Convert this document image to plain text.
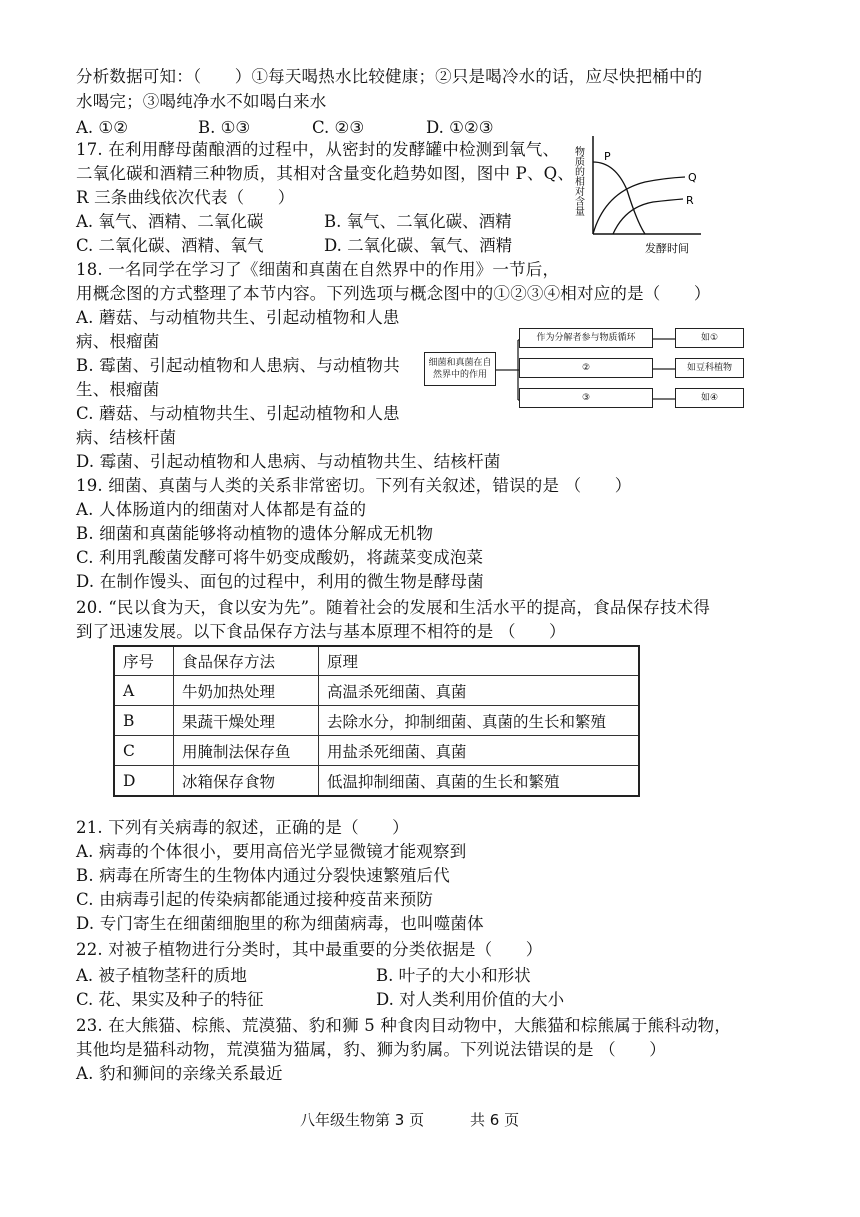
分析数据可知：（　　）①每天喝热水比较健康；②只是喝冷水的话，应尽快把桶中的
水喝完；③喝纯净水不如喝白来水
A. ①②	B. ①③	C. ②③	D. ①②③
17. 在利用酵母菌酿酒的过程中，从密封的发酵罐中检测到氧气、
二氧化碳和酒精三种物质，其相对含量变化趋势如图，图中 P、Q、
R 三条曲线依次代表（　　）
A. 氧气、酒精、二氧化碳	B. 氧气、二氧化碳、酒精
C. 二氧化碳、酒精、氧气	D. 二氧化碳、氧气、酒精
物质的相对含量 P
Q
R
发酵时间
18. 一名同学在学习了《细菌和真菌在自然界中的作用》一节后，
用概念图的方式整理了本节内容。下列选项与概念图中的①②③④相对应的是（　　）
A. 蘑菇、与动植物共生、引起动植物和人患
病、根瘤菌
B. 霉菌、引起动植物和人患病、与动植物共
生、根瘤菌
C. 蘑菇、与动植物共生、引起动植物和人患
病、结核杆菌
D. 霉菌、引起动植物和人患病、与动植物共生、结核杆菌
细菌和真菌在自然界中的作用
作为分解者参与物质循环
②
③
如①
如豆科植物
如④
19. 细菌、真菌与人类的关系非常密切。下列有关叙述，错误的是 （　　）
A. 人体肠道内的细菌对人体都是有益的
B. 细菌和真菌能够将动植物的遗体分解成无机物
C. 利用乳酸菌发酵可将牛奶变成酸奶，将蔬菜变成泡菜
D. 在制作馒头、面包的过程中，利用的微生物是酵母菌
20. “民以食为天，食以安为先”。随着社会的发展和生活水平的提高，食品保存技术得
到了迅速发展。以下食品保存方法与基本原理不相符的是 （　　）
序号	食品保存方法	原理
A	牛奶加热处理	高温杀死细菌、真菌
B	果蔬干燥处理	去除水分，抑制细菌、真菌的生长和繁殖
C	用腌制法保存鱼	用盐杀死细菌、真菌
D	冰箱保存食物	低温抑制细菌、真菌的生长和繁殖
21. 下列有关病毒的叙述，正确的是（　　）
A. 病毒的个体很小，要用高倍光学显微镜才能观察到
B. 病毒在所寄生的生物体内通过分裂快速繁殖后代
C. 由病毒引起的传染病都能通过接种疫苗来预防
D. 专门寄生在细菌细胞里的称为细菌病毒，也叫噬菌体
22. 对被子植物进行分类时，其中最重要的分类依据是（　　）
A. 被子植物茎秆的质地	B. 叶子的大小和形状
C. 花、果实及种子的特征	D. 对人类利用价值的大小
23. 在大熊猫、棕熊、荒漠猫、豹和狮 5 种食肉目动物中，大熊猫和棕熊属于熊科动物，
其他均是猫科动物，荒漠猫为猫属，豹、狮为豹属。下列说法错误的是 （　　）
A. 豹和狮间的亲缘关系最近
八年级生物第 3 页	共 6 页
